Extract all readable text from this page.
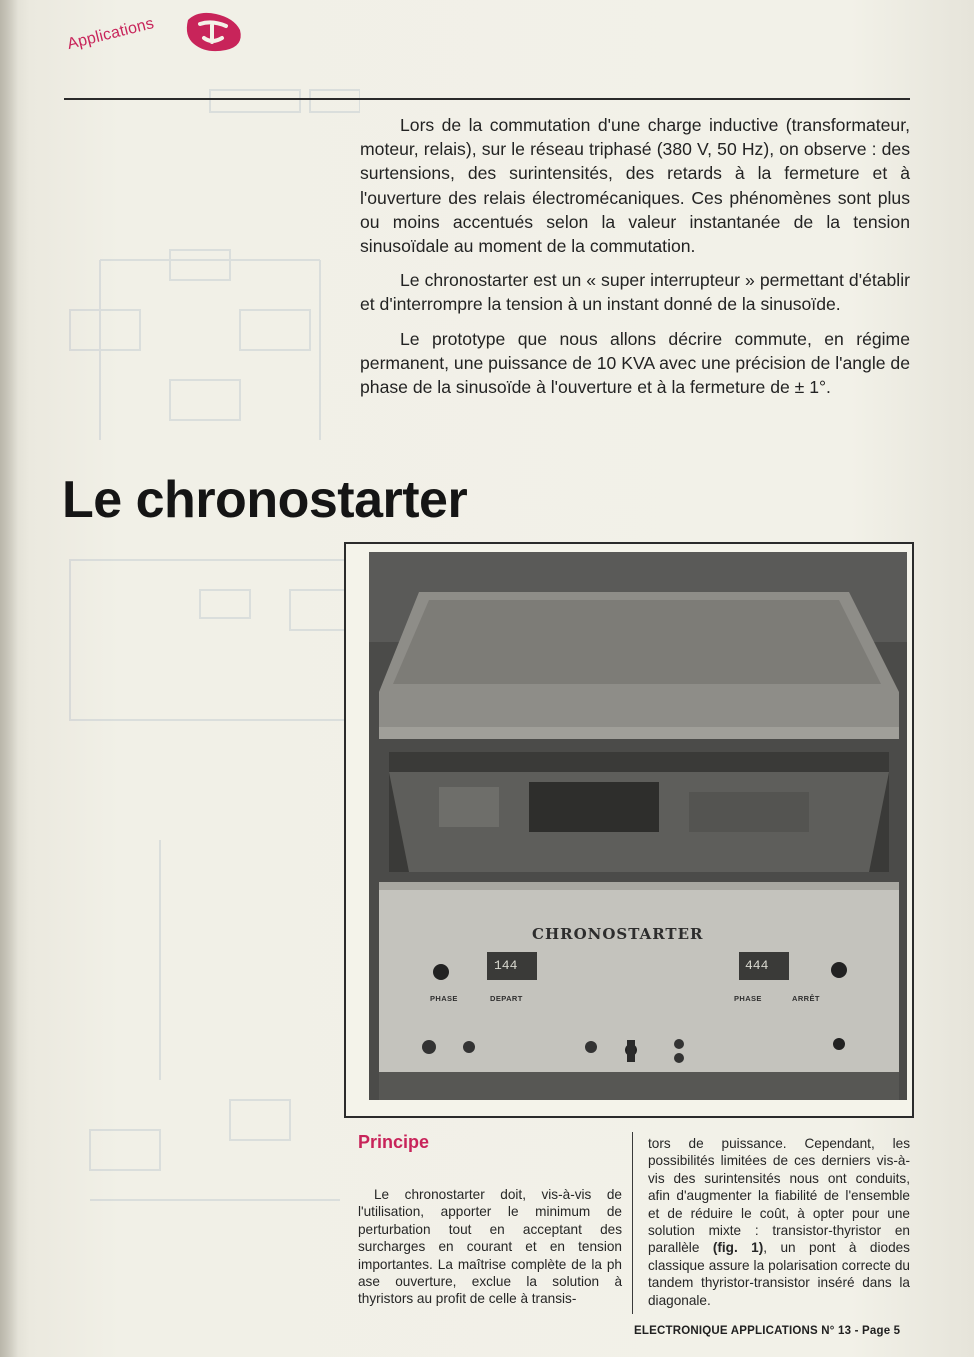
Applications

Lors de la commutation d'une charge inductive (transformateur, moteur, relais), sur le réseau triphasé (380 V, 50 Hz), on observe : des surtensions, des surintensités, des retards à la fermeture et à l'ouverture des relais électromécaniques. Ces phénomènes sont plus ou moins accentués selon la valeur instantanée de la tension sinusoïdale au moment de la commutation.

Le chronostarter est un « super interrupteur » permettant d'établir et d'interrompre la tension à un instant donné de la sinusoïde.

Le prototype que nous allons décrire commute, en régime permanent, une puissance de 10 KVA avec une précision de l'angle de phase de la sinusoïde à l'ouverture et à la fermeture de ± 1°.

Le chronostarter
CHRONOSTARTER
144	444
PHASE	DEPART	PHASE	ARRÊT
Principe

Le chronostarter doit, vis-à-vis de l'utilisation, apporter le minimum de perturbation tout en acceptant des surcharges en courant et en tension importantes. La maîtrise complète de la ph ase ouverture, exclue la solution à thyristors au profit de celle à transis-

tors de puissance. Cependant, les possibilités limitées de ces derniers vis-à-vis des surintensités nous ont conduits, afin d'augmenter la fiabilité de l'ensemble et de réduire le coût, à opter pour une solution mixte : transistor-thyristor en parallèle (fig. 1), un pont à diodes classique assure la polarisation correcte du tandem thyristor-transistor inséré dans la diagonale.

ELECTRONIQUE APPLICATIONS N° 13 - Page 5
